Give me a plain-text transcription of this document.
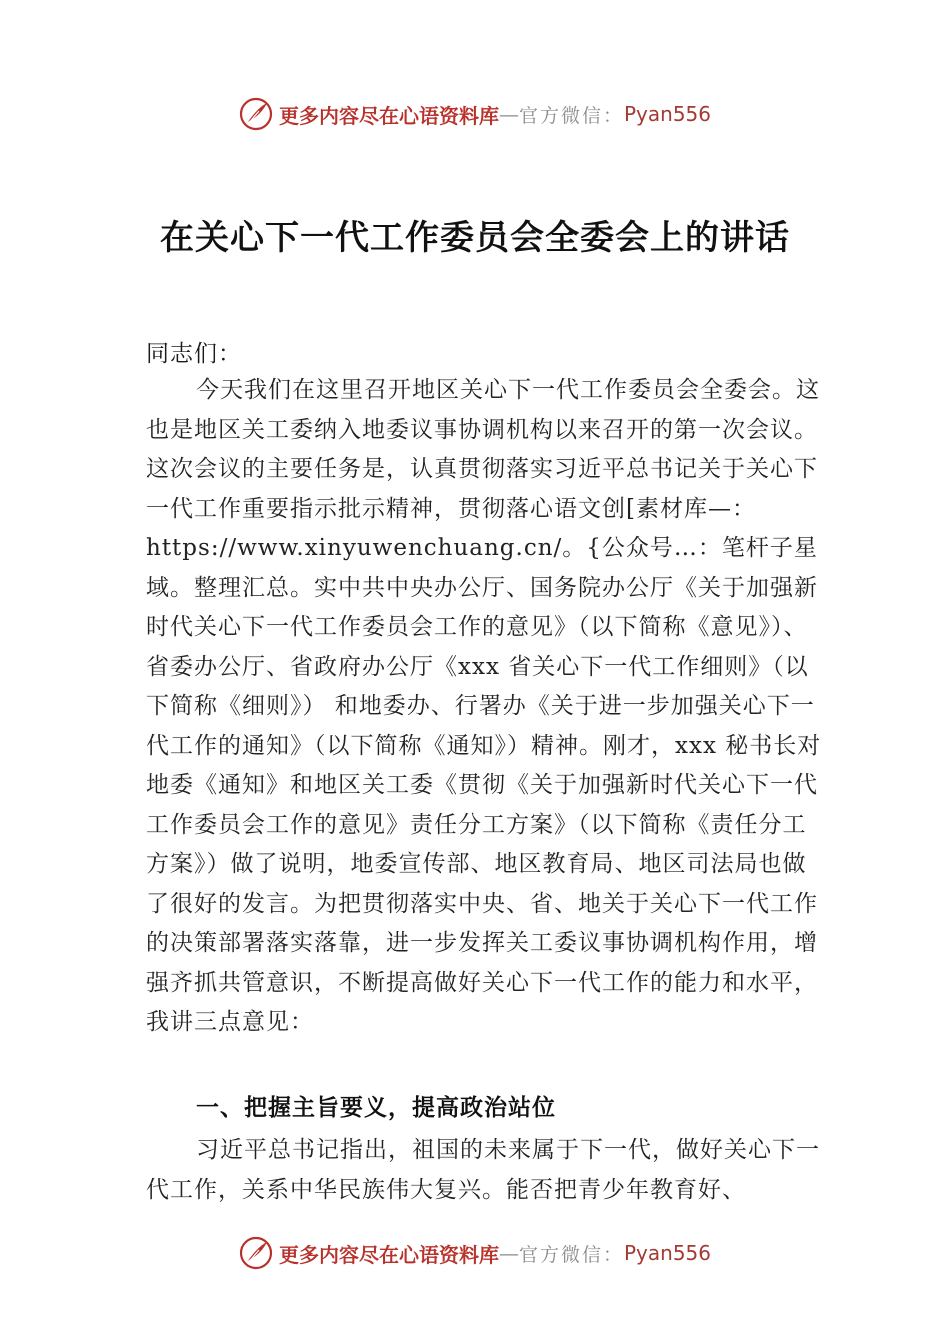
更多内容尽在心语资料库 — 官方微信： Pyan556
在关心下一代工作委员会全委会上的讲话
同志们：
今天我们在这里召开地区关心下一代工作委员会全委会。这也是地区关工委纳入地委议事协调机构以来召开的第一次会议。这次会议的主要任务是，认真贯彻落实习近平总书记关于关心下一代工作重要指示批示精神，贯彻落心语文创[素材库—：https://www.xinyuwenchuang.cn/。{公众号…：笔杆子星域。整理汇总。实中共中央办公厅、国务院办公厅《关于加强新时代关心下一代工作委员会工作的意见》（以下简称《意见》）、省委办公厅、省政府办公厅《xxx 省关心下一代工作细则》（以下简称《细则》） 和地委办、行署办《关于进一步加强关心下一代工作的通知》（以下简称《通知》）精神。刚才，xxx 秘书长对地委《通知》和地区关工委《贯彻《关于加强新时代关心下一代工作委员会工作的意见》责任分工方案》（以下简称《责任分工方案》）做了说明，地委宣传部、地区教育局、地区司法局也做了很好的发言。为把贯彻落实中央、省、地关于关心下一代工作的决策部署落实落靠，进一步发挥关工委议事协调机构作用，增强齐抓共管意识，不断提高做好关心下一代工作的能力和水平，我讲三点意见：
一、把握主旨要义，提高政治站位
习近平总书记指出，祖国的未来属于下一代，做好关心下一代工作，关系中华民族伟大复兴。能否把青少年教育好、
更多内容尽在心语资料库 — 官方微信： Pyan556
